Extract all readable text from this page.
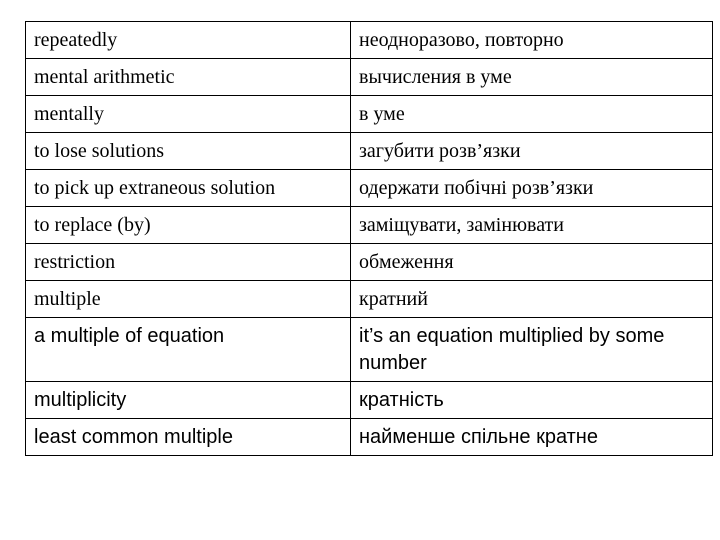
repeatedly	неодноразово, повторно
mental arithmetic	вычисления в уме
mentally	в уме
to lose solutions	загубити розв’язки
to pick up extraneous solution	одержати побічні розв’язки
to replace (by)	заміщувати, замінювати
restriction	обмеження
multiple	кратний
a multiple of equation	it’s an equation multiplied by some number
multiplicity	кратність
least common multiple	найменше спільне кратне
